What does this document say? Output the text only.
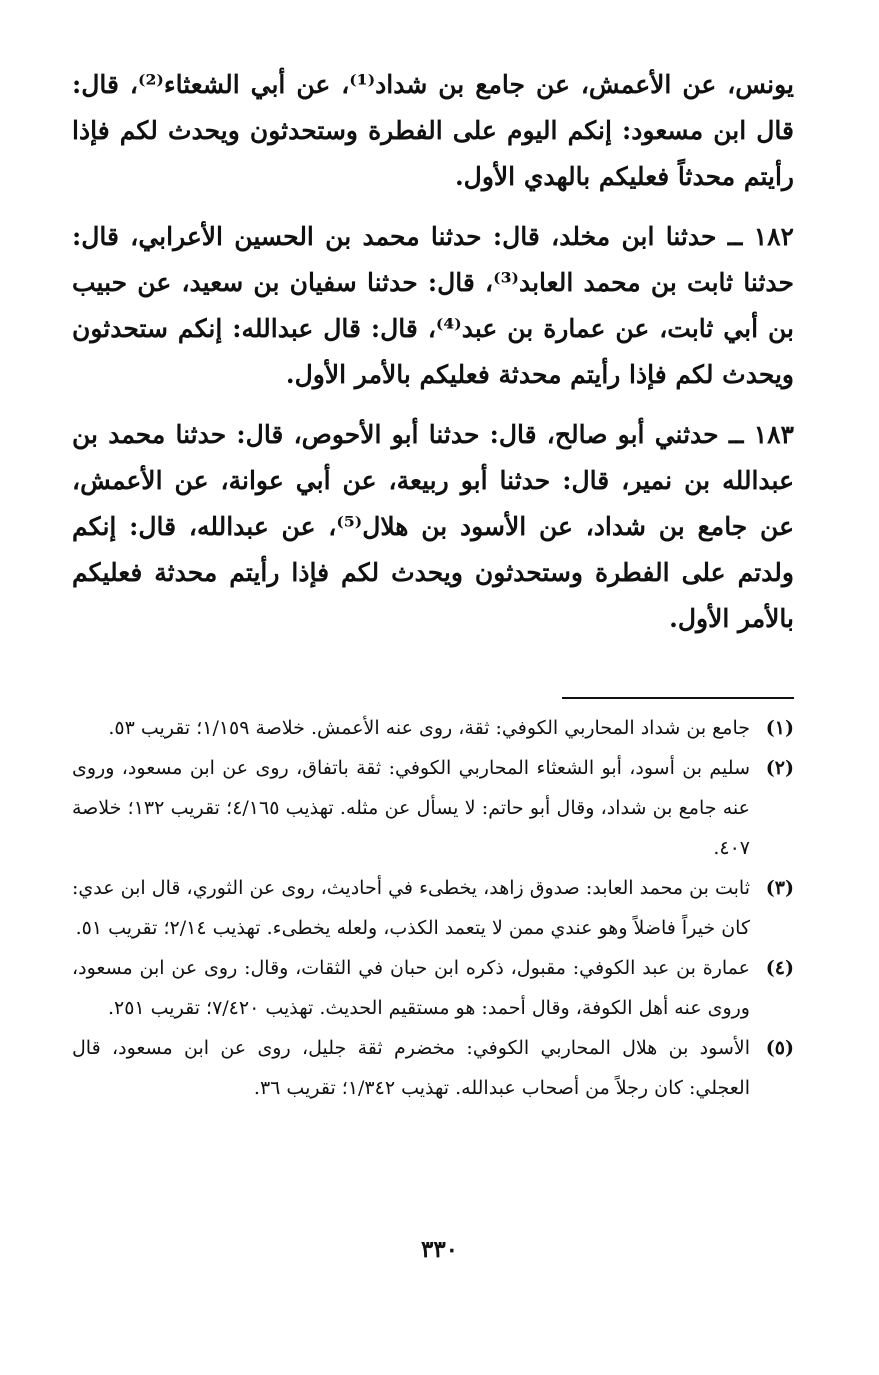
يونس، عن الأعمش، عن جامع بن شداد⁽¹⁾، عن أبي الشعثاء⁽²⁾، قال: قال ابن مسعود: إنكم اليوم على الفطرة وستحدثون ويحدث لكم فإذا رأيتم محدثاً فعليكم بالهدي الأول.

١٨٢ ــ حدثنا ابن مخلد، قال: حدثنا محمد بن الحسين الأعرابي، قال: حدثنا ثابت بن محمد العابد⁽³⁾، قال: حدثنا سفيان بن سعيد، عن حبيب بن أبي ثابت، عن عمارة بن عبد⁽⁴⁾، قال: قال عبدالله: إنكم ستحدثون ويحدث لكم فإذا رأيتم محدثة فعليكم بالأمر الأول.

١٨٣ ــ حدثني أبو صالح، قال: حدثنا أبو الأحوص، قال: حدثنا محمد بن عبدالله بن نمير، قال: حدثنا أبو ربيعة، عن أبي عوانة، عن الأعمش، عن جامع بن شداد، عن الأسود بن هلال⁽⁵⁾، عن عبدالله، قال: إنكم ولدتم على الفطرة وستحدثون ويحدث لكم فإذا رأيتم محدثة فعليكم بالأمر الأول.

(١)
جامع بن شداد المحاربي الكوفي: ثقة، روى عنه الأعمش. خلاصة ١/١٥٩؛ تقريب ٥٣.
(٢)
سليم بن أسود، أبو الشعثاء المحاربي الكوفي: ثقة باتفاق، روى عن ابن مسعود، وروى عنه جامع بن شداد، وقال أبو حاتم: لا يسأل عن مثله. تهذيب ٤/١٦٥؛ تقريب ١٣٢؛ خلاصة ٤٠٧.
(٣)
ثابت بن محمد العابد: صدوق زاهد، يخطىء في أحاديث، روى عن الثوري، قال ابن عدي: كان خيراً فاضلاً وهو عندي ممن لا يتعمد الكذب، ولعله يخطىء. تهذيب ٢/١٤؛ تقريب ٥١.
(٤)
عمارة بن عبد الكوفي: مقبول، ذكره ابن حبان في الثقات، وقال: روى عن ابن مسعود، وروى عنه أهل الكوفة، وقال أحمد: هو مستقيم الحديث. تهذيب ٧/٤٢٠؛ تقريب ٢٥١.
(٥)
الأسود بن هلال المحاربي الكوفي: مخضرم ثقة جليل، روى عن ابن مسعود، قال العجلي: كان رجلاً من أصحاب عبدالله. تهذيب ١/٣٤٢؛ تقريب ٣٦.
٣٣٠
